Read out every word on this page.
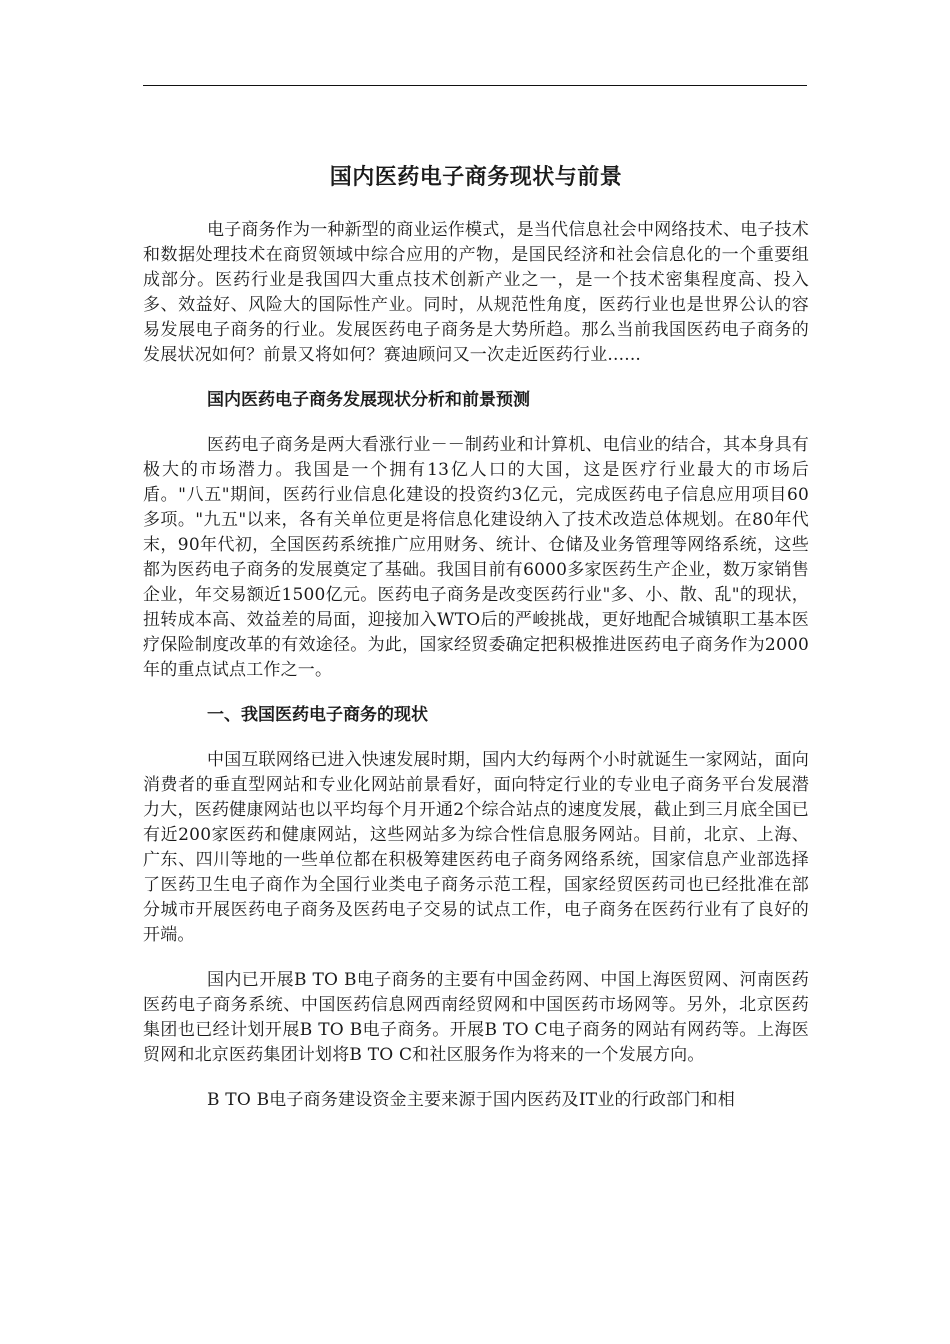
国内医药电子商务现状与前景

电子商务作为一种新型的商业运作模式，是当代信息社会中网络技术、电子技术和数据处理技术在商贸领域中综合应用的产物，是国民经济和社会信息化的一个重要组成部分。医药行业是我国四大重点技术创新产业之一，是一个技术密集程度高、投入多、效益好、风险大的国际性产业。同时，从规范性角度，医药行业也是世界公认的容易发展电子商务的行业。发展医药电子商务是大势所趋。那么当前我国医药电子商务的发展状况如何？前景又将如何？赛迪顾问又一次走近医药行业......

国内医药电子商务发展现状分析和前景预测

医药电子商务是两大看涨行业－－制药业和计算机、电信业的结合，其本身具有极大的市场潜力。我国是一个拥有13亿人口的大国，这是医疗行业最大的市场后盾。"八五"期间，医药行业信息化建设的投资约3亿元，完成医药电子信息应用项目60多项。"九五"以来，各有关单位更是将信息化建设纳入了技术改造总体规划。在80年代末，90年代初，全国医药系统推广应用财务、统计、仓储及业务管理等网络系统，这些都为医药电子商务的发展奠定了基础。我国目前有6000多家医药生产企业，数万家销售企业，年交易额近1500亿元。医药电子商务是改变医药行业"多、小、散、乱"的现状，扭转成本高、效益差的局面，迎接加入WTO后的严峻挑战，更好地配合城镇职工基本医疗保险制度改革的有效途径。为此，国家经贸委确定把积极推进医药电子商务作为2000年的重点试点工作之一。

一、我国医药电子商务的现状

中国互联网络已进入快速发展时期，国内大约每两个小时就诞生一家网站，面向消费者的垂直型网站和专业化网站前景看好，面向特定行业的专业电子商务平台发展潜力大，医药健康网站也以平均每个月开通2个综合站点的速度发展，截止到三月底全国已有近200家医药和健康网站，这些网站多为综合性信息服务网站。目前，北京、上海、广东、四川等地的一些单位都在积极筹建医药电子商务网络系统，国家信息产业部选择了医药卫生电子商作为全国行业类电子商务示范工程，国家经贸医药司也已经批准在部分城市开展医药电子商务及医药电子交易的试点工作，电子商务在医药行业有了良好的开端。

国内已开展B TO B电子商务的主要有中国金药网、中国上海医贸网、河南医药医药电子商务系统、中国医药信息网西南经贸网和中国医药市场网等。另外，北京医药集团也已经计划开展B TO B电子商务。开展B TO C电子商务的网站有网药等。上海医贸网和北京医药集团计划将B TO C和社区服务作为将来的一个发展方向。

B TO B电子商务建设资金主要来源于国内医药及IT业的行政部门和相
